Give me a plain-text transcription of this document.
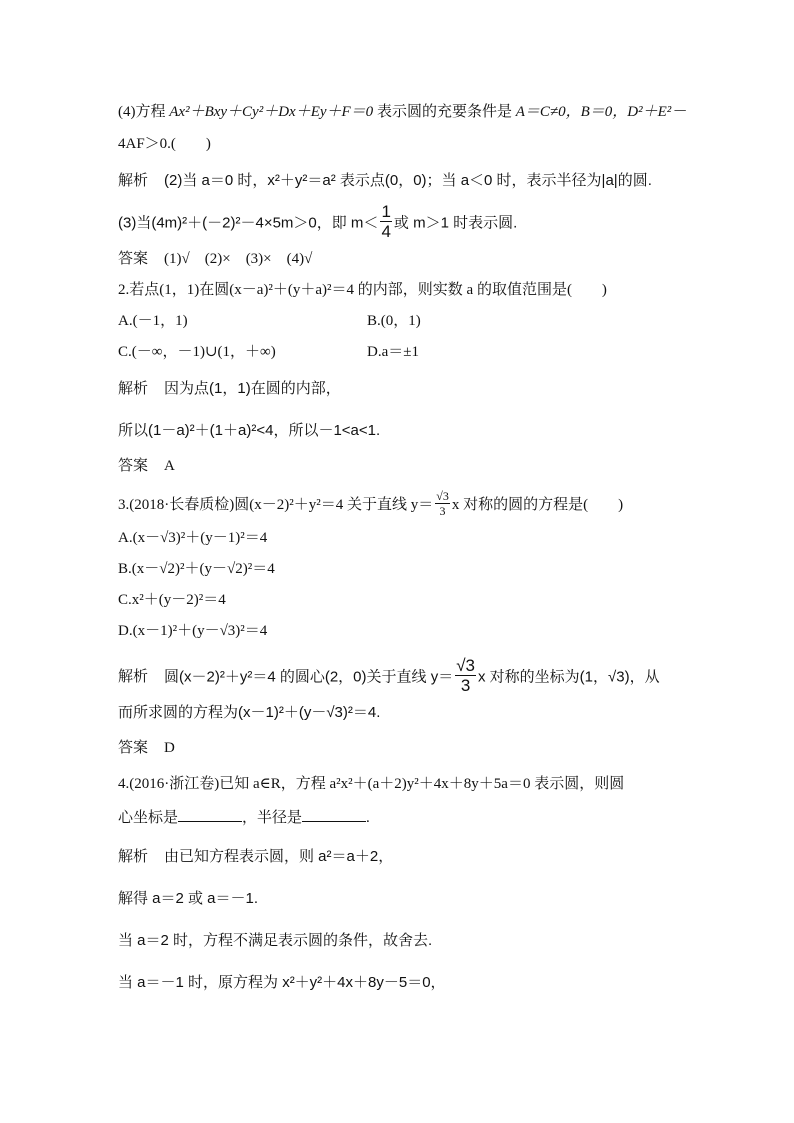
(4)方程 Ax²＋Bxy＋Cy²＋Dx＋Ey＋F＝0 表示圆的充要条件是 A＝C≠0，B＝0，D²＋E²－
4AF＞0.(　　)
解析 (2)当 a＝0 时，x²＋y²＝a² 表示点(0，0)；当 a＜0 时，表示半径为|a|的圆.
(3)当(4m)²＋(－2)²－4×5m＞0，即 $m< \frac{1}{4}$ 或 m＞1 时表示圆.
答案 (1)√　(2)×　(3)×　(4)√
2.若点(1，1)在圆(x－a)²＋(y＋a)²＝4 的内部，则实数 a 的取值范围是(　　)
A.(－1，1)	B.(0，1)
C.(－∞，－1)∪(1，＋∞)	D.a＝±1
解析 因为点(1，1)在圆的内部，
所以(1－a)²＋(1＋a)²<4，所以－1<a<1.
答案 A
3.(2018·长春质检)圆(x－2)²＋y²＝4 关于直线 $y= \frac{√3}{3}$ x 对称的圆的方程是(　　)
A.(x－√3)²＋(y－1)²＝4
B.(x－√2)²＋(y－√2)²＝4
C.x²＋(y－2)²＝4
D.(x－1)²＋(y－√3)²＝4
解析 圆(x－2)²＋y²＝4 的圆心(2，0)关于直线 $y= \frac{√3}{3}$ x 对称的坐标为(1，√3)，从
而所求圆的方程为(x－1)²＋(y－√3)²＝4.
答案 D
4.(2016·浙江卷)已知 a∈R，方程 a²x²＋(a＋2)y²＋4x＋8y＋5a＝0 表示圆，则圆
心坐标是	，半径是	.
解析 由已知方程表示圆，则 a²＝a＋2，
解得 a＝2 或 a＝－1.
当 a＝2 时，方程不满足表示圆的条件，故舍去.
当 a＝－1 时，原方程为 x²＋y²＋4x＋8y－5＝0，
